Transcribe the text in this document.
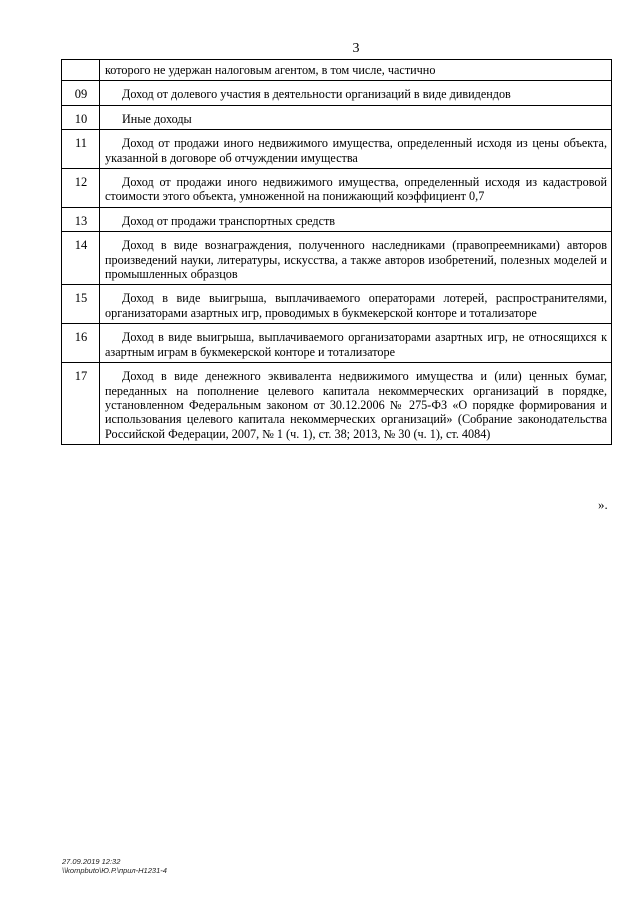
3
	которого не удержан налоговым агентом, в том числе, частично
09	Доход от долевого участия в деятельности организаций в виде дивидендов
10	Иные доходы
11	Доход от продажи иного недвижимого имущества, определенный исходя из цены объекта, указанной в договоре об отчуждении имущества
12	Доход от продажи иного недвижимого имущества, определенный исходя из кадастровой стоимости этого объекта, умноженной на понижающий коэффициент 0,7
13	Доход от продажи транспортных средств
14	Доход в виде вознаграждения, полученного наследниками (правопреемниками) авторов произведений науки, литературы, искусства, а также авторов изобретений, полезных моделей и промышленных образцов
15	Доход в виде выигрыша, выплачиваемого операторами лотерей, распространителями, организаторами азартных игр, проводимых в букмекерской конторе и тотализаторе
16	Доход в виде выигрыша, выплачиваемого организаторами азартных игр, не относящихся к азартным играм в букмекерской конторе и тотализаторе
17	Доход в виде денежного эквивалента недвижимого имущества и (или) ценных бумаг, переданных на пополнение целевого капитала некоммерческих организаций в порядке, установленном Федеральным законом от 30.12.2006 № 275-ФЗ «О порядке формирования и использования целевого капитала некоммерческих организаций» (Собрание законодательства Российской Федерации, 2007, № 1 (ч. 1), ст. 38; 2013, № 30 (ч. 1), ст. 4084)
».
27.09.2019 12:32
\\kompbuto\Ю.Р.\прил-Н1231-4
